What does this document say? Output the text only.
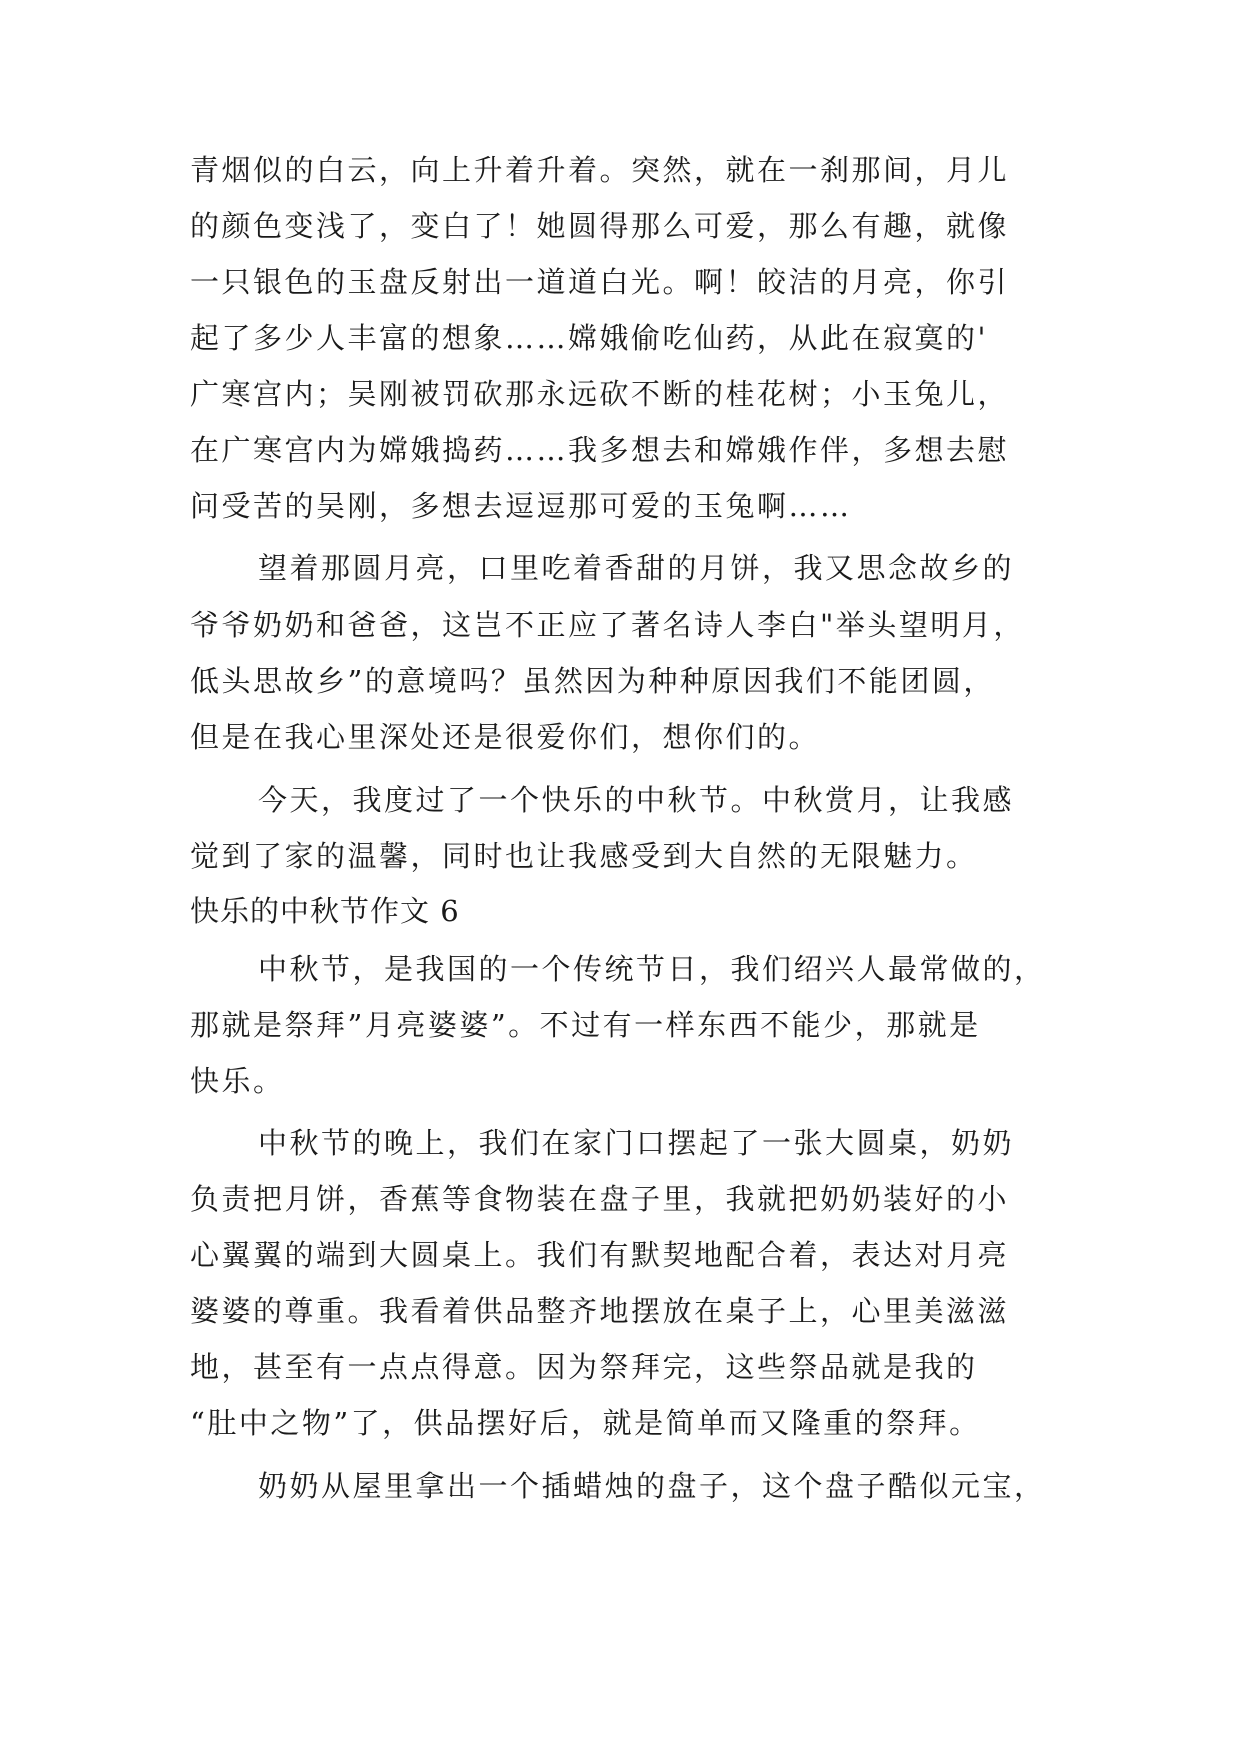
青烟似的白云，向上升着升着。突然，就在一刹那间，月儿
的颜色变浅了，变白了！她圆得那么可爱，那么有趣，就像
一只银色的玉盘反射出一道道白光。啊！皎洁的月亮，你引
起了多少人丰富的想象……嫦娥偷吃仙药，从此在寂寞的'
广寒宫内；吴刚被罚砍那永远砍不断的桂花树；小玉兔儿，
在广寒宫内为嫦娥捣药……我多想去和嫦娥作伴，多想去慰
问受苦的吴刚，多想去逗逗那可爱的玉兔啊……
望着那圆月亮，口里吃着香甜的月饼，我又思念故乡的
爷爷奶奶和爸爸，这岂不正应了著名诗人李白"举头望明月，
低头思故乡”的意境吗？虽然因为种种原因我们不能团圆，
但是在我心里深处还是很爱你们，想你们的。
今天，我度过了一个快乐的中秋节。中秋赏月，让我感
觉到了家的温馨，同时也让我感受到大自然的无限魅力。
快乐的中秋节作文 6
中秋节，是我国的一个传统节日，我们绍兴人最常做的，
那就是祭拜”月亮婆婆”。不过有一样东西不能少，那就是
快乐。
中秋节的晚上，我们在家门口摆起了一张大圆桌，奶奶
负责把月饼，香蕉等食物装在盘子里，我就把奶奶装好的小
心翼翼的端到大圆桌上。我们有默契地配合着，表达对月亮
婆婆的尊重。我看着供品整齐地摆放在桌子上，心里美滋滋
地，甚至有一点点得意。因为祭拜完，这些祭品就是我的
“肚中之物”了，供品摆好后，就是简单而又隆重的祭拜。
奶奶从屋里拿出一个插蜡烛的盘子，这个盘子酷似元宝，
